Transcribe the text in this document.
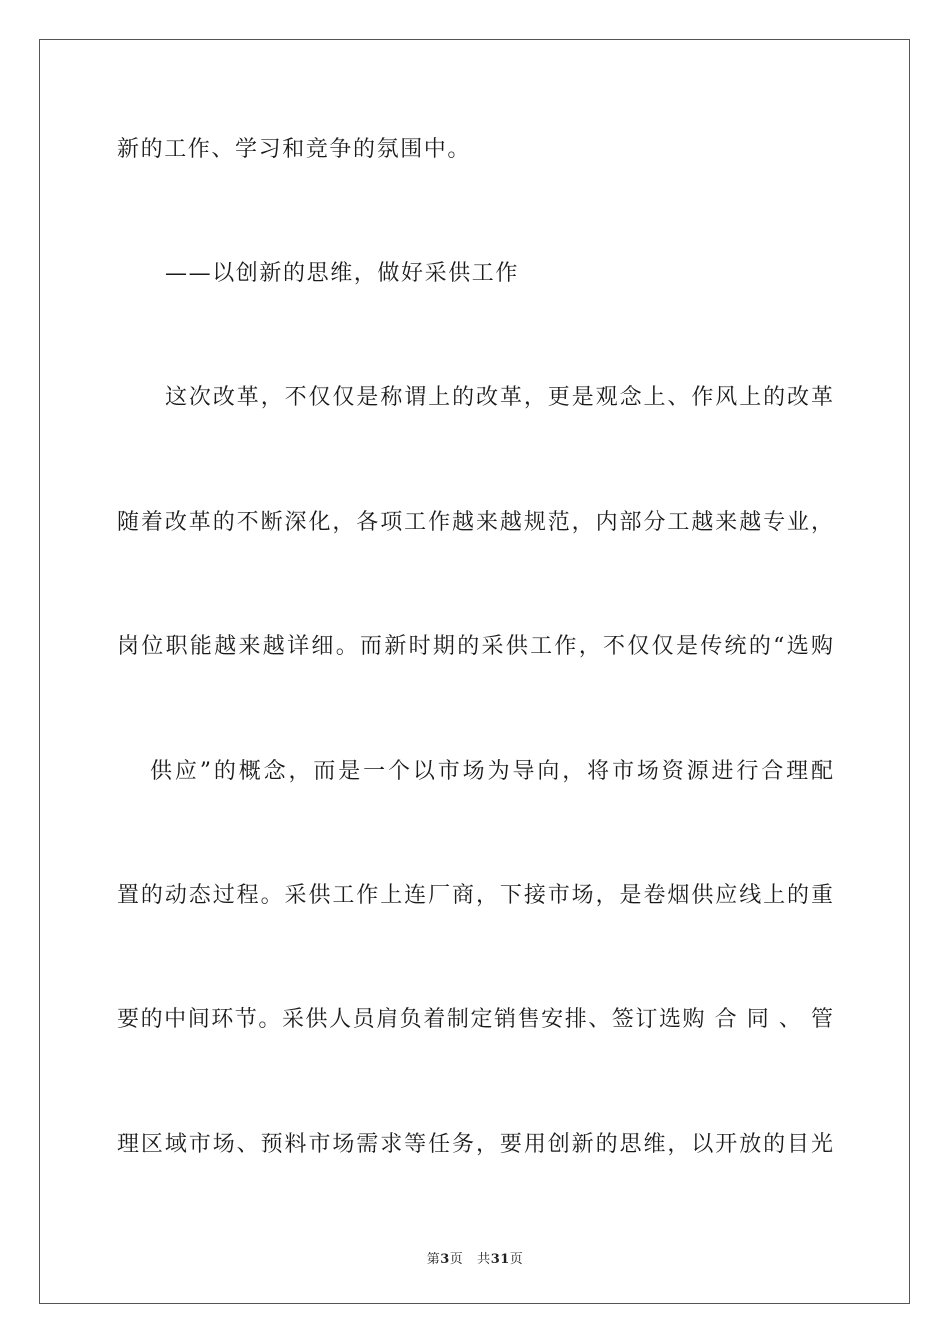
新的工作、学习和竞争的氛围中。
——以创新的思维，做好采供工作
这次改革，不仅仅是称谓上的改革，更是观念上、作风上的改革
随着改革的不断深化，各项工作越来越规范，内部分工越来越专业，
岗位职能越来越详细。而新时期的采供工作，不仅仅是传统的“选购
供应”的概念，而是一个以市场为导向，将市场资源进行合理配
置的动态过程。采供工作上连厂商，下接市场，是卷烟供应线上的重
要的中间环节。采供人员肩负着制定销售安排、签订选购 合 同 、 管
理区域市场、预料市场需求等任务，要用创新的思维，以开放的目光
第3页 共31页
